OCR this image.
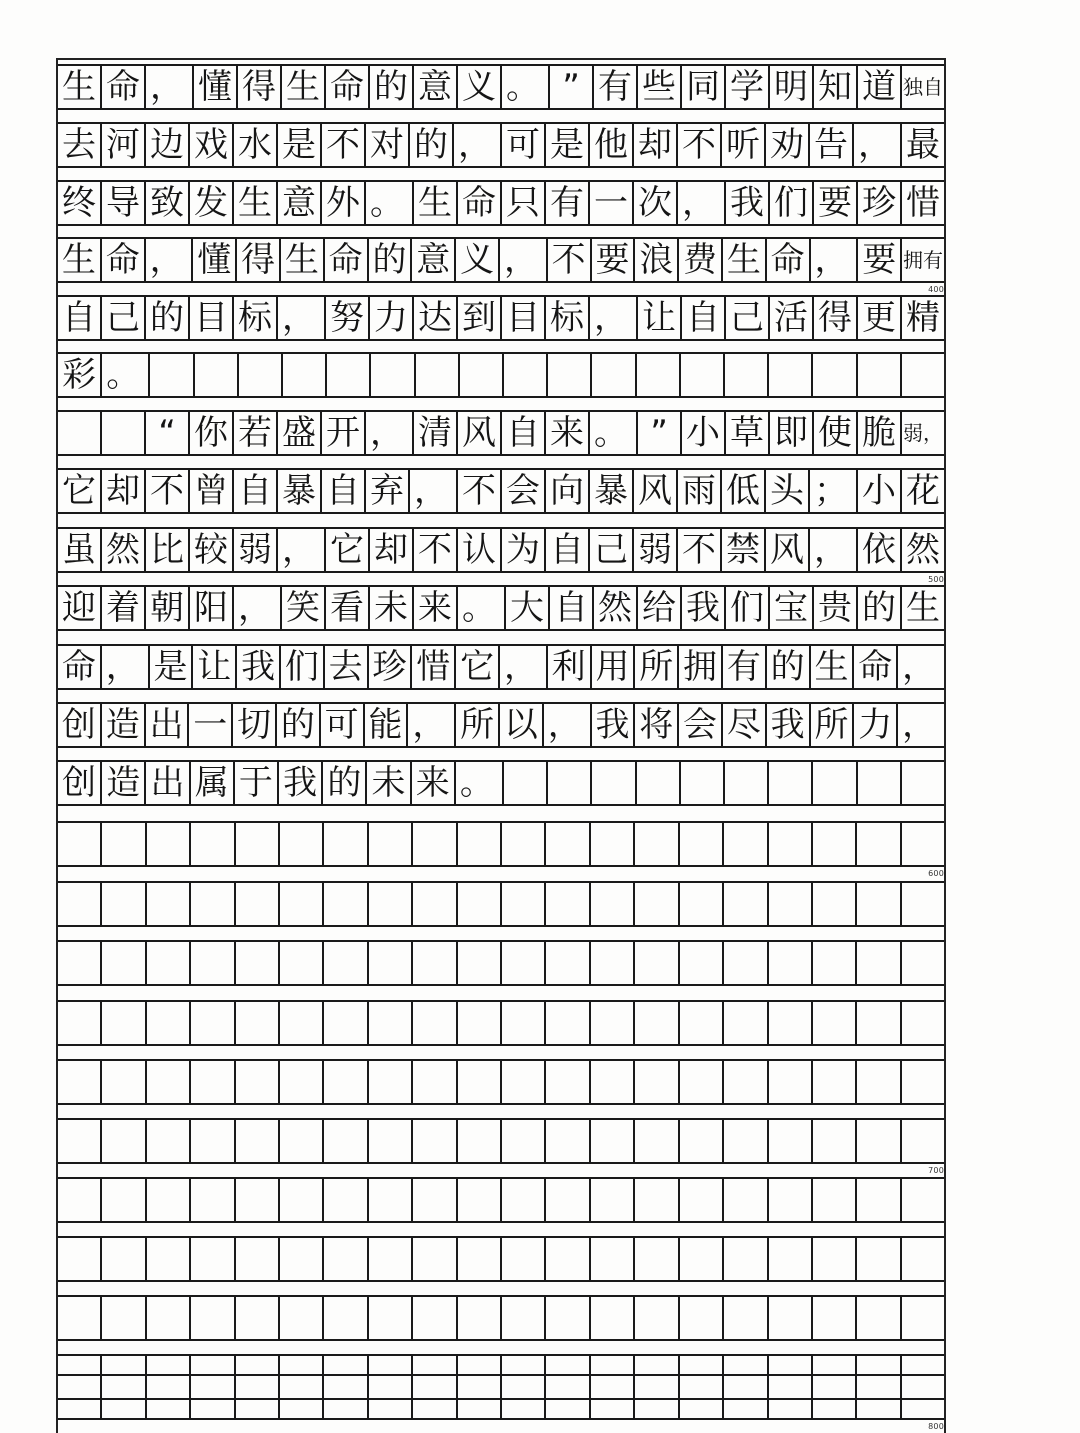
生 命 ， 懂 得 生 命 的 意 义 。 ” 有 些 同 学 明 知 道 独自
去 河 边 戏 水 是 不 对 的 ， 可 是 他 却 不 听 劝 告 ， 最
终 导 致 发 生 意 外 。 生 命 只 有 一 次 ， 我 们 要 珍 惜
生 命 ， 懂 得 生 命 的 意 义 ， 不 要 浪 费 生 命 ， 要 拥有
自 己 的 目 标 ， 努 力 达 到 目 标 ， 让 自 己 活 得 更 精
彩 。
“ 你 若 盛 开 ， 清 风 自 来 。 ” 小 草 即 使 脆 弱，
它 却 不 曾 自 暴 自 弃 ， 不 会 向 暴 风 雨 低 头 ； 小 花
虽 然 比 较 弱 ， 它 却 不 认 为 自 己 弱 不 禁 风 ， 依 然
迎 着 朝 阳 ， 笑 看 未 来 。 大 自 然 给 我 们 宝 贵 的 生
命 ， 是 让 我 们 去 珍 惜 它 ， 利 用 所 拥 有 的 生 命 ，
创 造 出 一 切 的 可 能 ， 所 以 ， 我 将 会 尽 我 所 力 ，
创 造 出 属 于 我 的 未 来 。
400
500
600
700
800
